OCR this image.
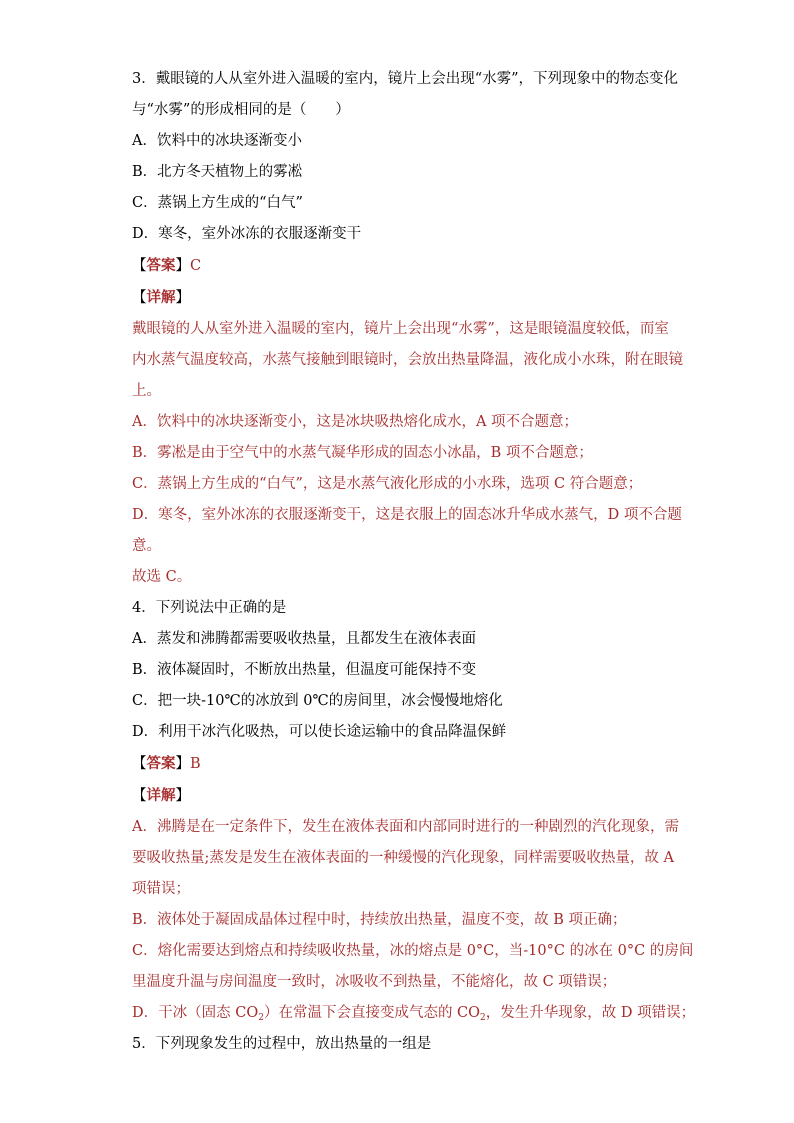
3．戴眼镜的人从室外进入温暖的室内，镜片上会出现“水雾”，下列现象中的物态变化
与“水雾”的形成相同的是（　　）
A．饮料中的冰块逐渐变小
B．北方冬天植物上的雾凇
C．蒸锅上方生成的“白气”
D．寒冬，室外冰冻的衣服逐渐变干
【答案】C
【详解】
戴眼镜的人从室外进入温暖的室内，镜片上会出现“水雾”，这是眼镜温度较低，而室
内水蒸气温度较高，水蒸气接触到眼镜时，会放出热量降温，液化成小水珠，附在眼镜
上。
A．饮料中的冰块逐渐变小，这是冰块吸热熔化成水，A 项不合题意；
B．雾凇是由于空气中的水蒸气凝华形成的固态小冰晶，B 项不合题意；
C．蒸锅上方生成的“白气”，这是水蒸气液化形成的小水珠，选项 C 符合题意；
D．寒冬，室外冰冻的衣服逐渐变干，这是衣服上的固态冰升华成水蒸气，D 项不合题
意。
故选 C。
4．下列说法中正确的是
A．蒸发和沸腾都需要吸收热量，且都发生在液体表面
B．液体凝固时，不断放出热量，但温度可能保持不变
C．把一块-10℃的冰放到 0℃的房间里，冰会慢慢地熔化
D．利用干冰汽化吸热，可以使长途运输中的食品降温保鲜
【答案】B
【详解】
A．沸腾是在一定条件下，发生在液体表面和内部同时进行的一种剧烈的汽化现象，需
要吸收热量;蒸发是发生在液体表面的一种缓慢的汽化现象，同样需要吸收热量，故 A
项错误；
B．液体处于凝固成晶体过程中时，持续放出热量，温度不变，故 B 项正确；
C．熔化需要达到熔点和持续吸收热量，冰的熔点是 0°C，当-10°C 的冰在 0°C 的房间
里温度升温与房间温度一致时，冰吸收不到热量，不能熔化，故 C 项错误；
D．干冰（固态 $CO_2$）在常温下会直接变成气态的 $CO_2$，发生升华现象，故 D 项错误；
5．下列现象发生的过程中，放出热量的一组是
